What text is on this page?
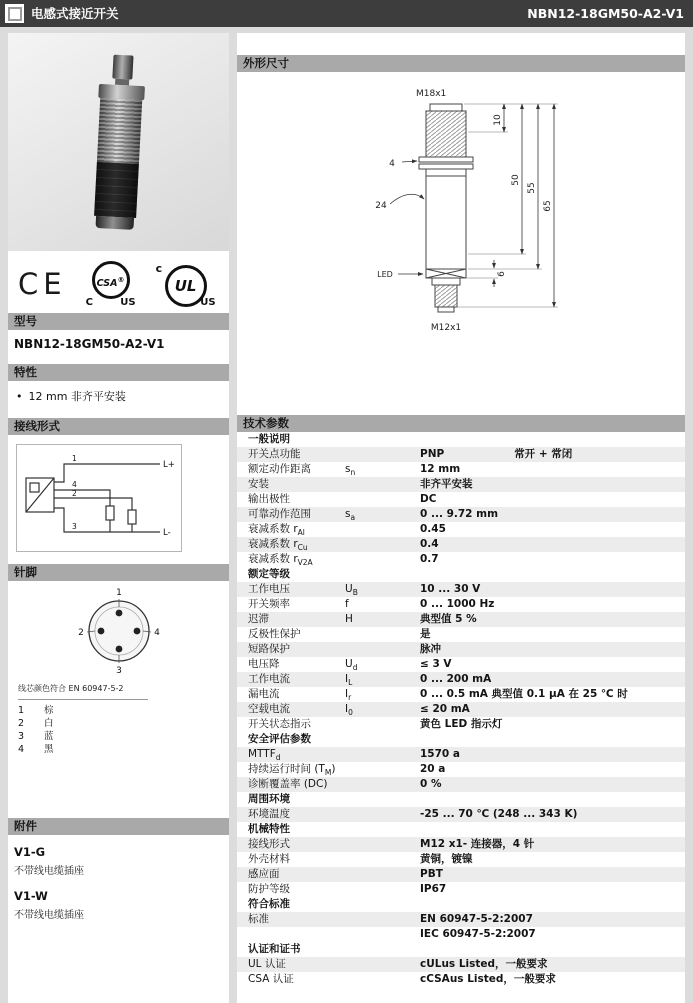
电感式接近开关	NBN12-18GM50-A2-V1
CE	CSA®
C	US
c
UL
US
型号
NBN12-18GM50-A2-V1
特性
• 12 mm 非齐平安装
接线形式
1
4
2
3
L+
L-
针脚
1
2	4
3
线芯颜色符合 EN 60947-5-2
1 棕
2 白
3 蓝
4 黑
附件
V1-G
不带线电缆插座
V1-W
不带线电缆插座
外形尺寸
M18x1
10
50
55
65
4
24
LED	6
M12x1
技术参数
一般说明
开关点功能	PNP	常开 + 常闭
额定动作距离	$s_n$	12 mm
安装	非齐平安装
输出极性	DC
可靠动作范围	$s_a$	0 ... 9.72 mm
衰减系数 $r_{Al}$	0.45
衰减系数 $r_{Cu}$	0.4
衰减系数 $r_{V2A}$	0.7
额定等级
工作电压	$U_B$	10 ... 30 V
开关频率	f	0 ... 1000 Hz
迟滞	H	典型值 5 %
反极性保护	是
短路保护	脉冲
电压降	$U_d$	≤ 3 V
工作电流	$I_L$	0 ... 200 mA
漏电流	$I_r$	0 ... 0.5 mA 典型值 0.1 μA 在 25 ℃ 时
空载电流	$I_0$	≤ 20 mA
开关状态指示	黄色 LED 指示灯
安全评估参数
$MTTF_d$	1570 a
持续运行时间 $(T_M)$	20 a
诊断覆盖率 (DC)	0 %
周围环境
环境温度	-25 ... 70 ℃ (248 ... 343 K)
机械特性
接线形式	M12 x1- 连接器，4 针
外壳材料	黄铜，镀镍
感应面	PBT
防护等级	IP67
符合标准
标准	EN 60947-5-2:2007
IEC 60947-5-2:2007
认证和证书
UL 认证	cULus Listed，一般要求
CSA 认证	cCSAus Listed，一般要求
